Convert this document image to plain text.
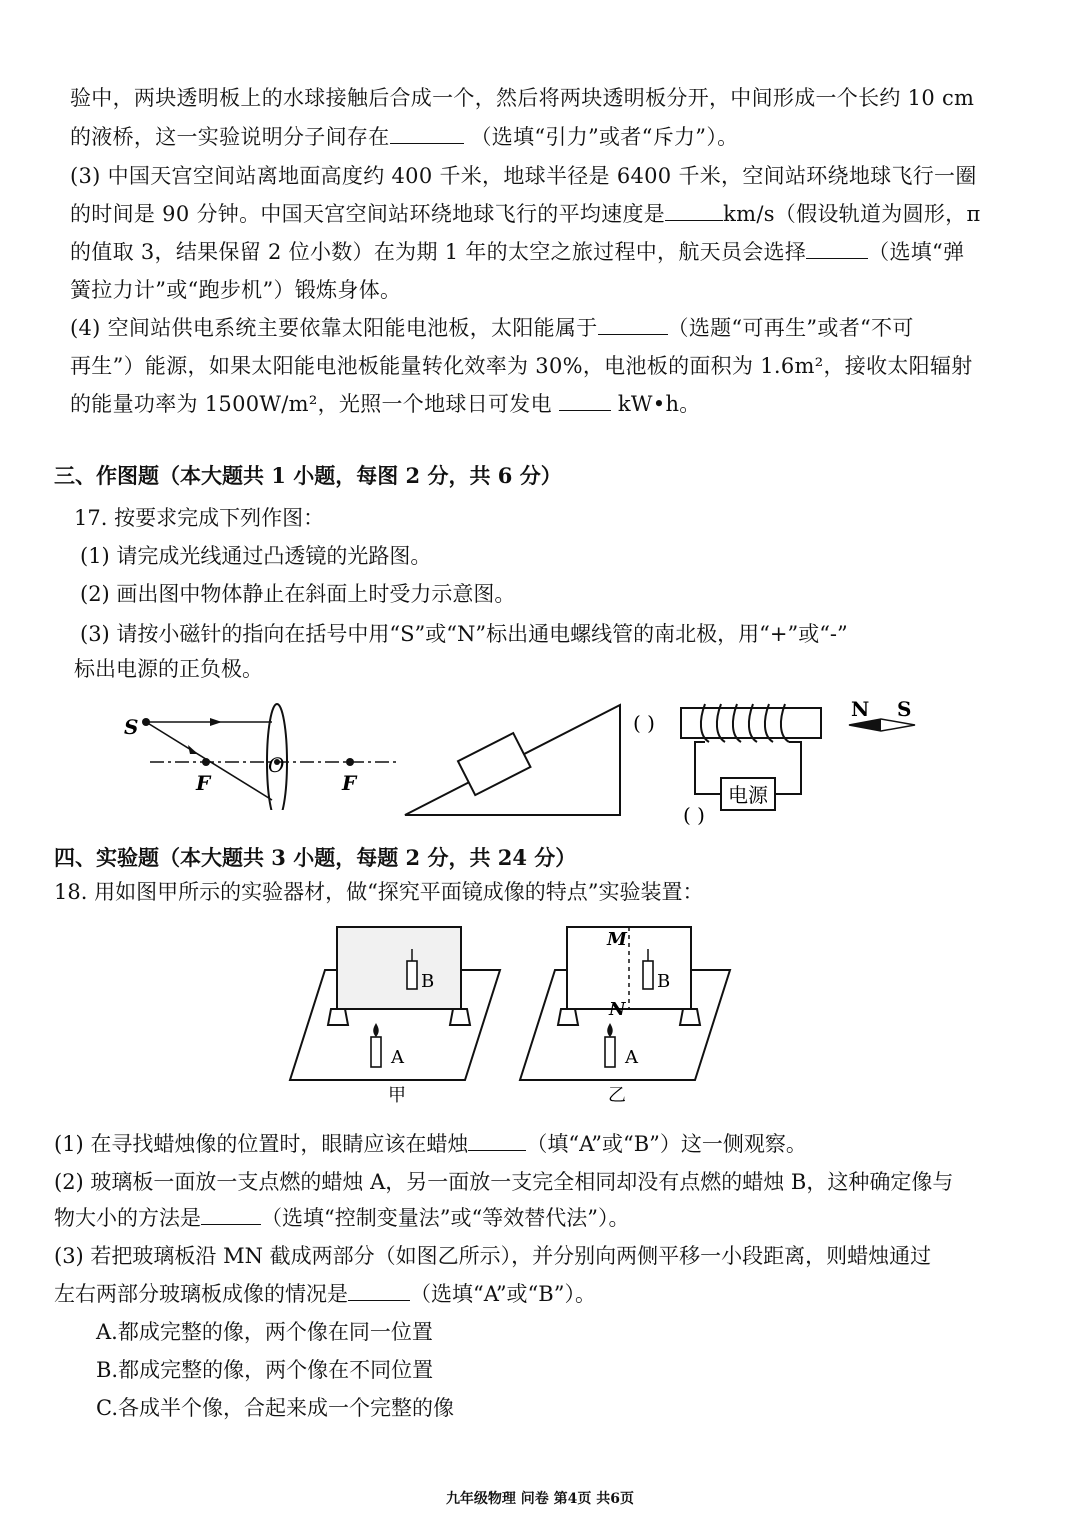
验中，两块透明板上的水球接触后合成一个，然后将两块透明板分开，中间形成一个长约 10 cm
的液桥，这一实验说明分子间存在	（选填“引力”或者“斥力”）。
(3) 中国天宫空间站离地面高度约 400 千米，地球半径是 6400 千米，空间站环绕地球飞行一圈
的时间是 90 分钟。中国天宫空间站环绕地球飞行的平均速度是	km/s（假设轨道为圆形，π
的值取 3，结果保留 2 位小数）在为期 1 年的太空之旅过程中，航天员会选择	（选填“弹
簧拉力计”或“跑步机”）锻炼身体。
(4) 空间站供电系统主要依靠太阳能电池板，太阳能属于	（选题“可再生”或者“不可
再生”）能源，如果太阳能电池板能量转化效率为 30%，电池板的面积为 1.6m²，接收太阳辐射
的能量功率为 1500W/m²，光照一个地球日可发电	kW•h。
三、作图题（本大题共 1 小题，每图 2 分，共 6 分）
17. 按要求完成下列作图：
(1) 请完成光线通过凸透镜的光路图。
(2) 画出图中物体静止在斜面上时受力示意图。
(3) 请按小磁针的指向在括号中用“S”或“N”标出通电螺线管的南北极，用“+”或“-”
标出电源的正负极。
S
F
O
F
( )
电源
( )
N S
四、实验题（本大题共 3 小题，每题 2 分，共 24 分）
18. 用如图甲所示的实验器材，做“探究平面镜成像的特点”实验装置：
B
A
甲
M
N
B
A
乙
(1) 在寻找蜡烛像的位置时，眼睛应该在蜡烛	（填“A”或“B”）这一侧观察。
(2) 玻璃板一面放一支点燃的蜡烛 A，另一面放一支完全相同却没有点燃的蜡烛 B，这种确定像与
物大小的方法是	（选填“控制变量法”或“等效替代法”）。
(3) 若把玻璃板沿 MN 截成两部分（如图乙所示），并分别向两侧平移一小段距离，则蜡烛通过
左右两部分玻璃板成像的情况是	（选填“A”或“B”）。
A.都成完整的像，两个像在同一位置
B.都成完整的像，两个像在不同位置
C.各成半个像，合起来成一个完整的像
九年级物理 问卷 第4页 共6页
